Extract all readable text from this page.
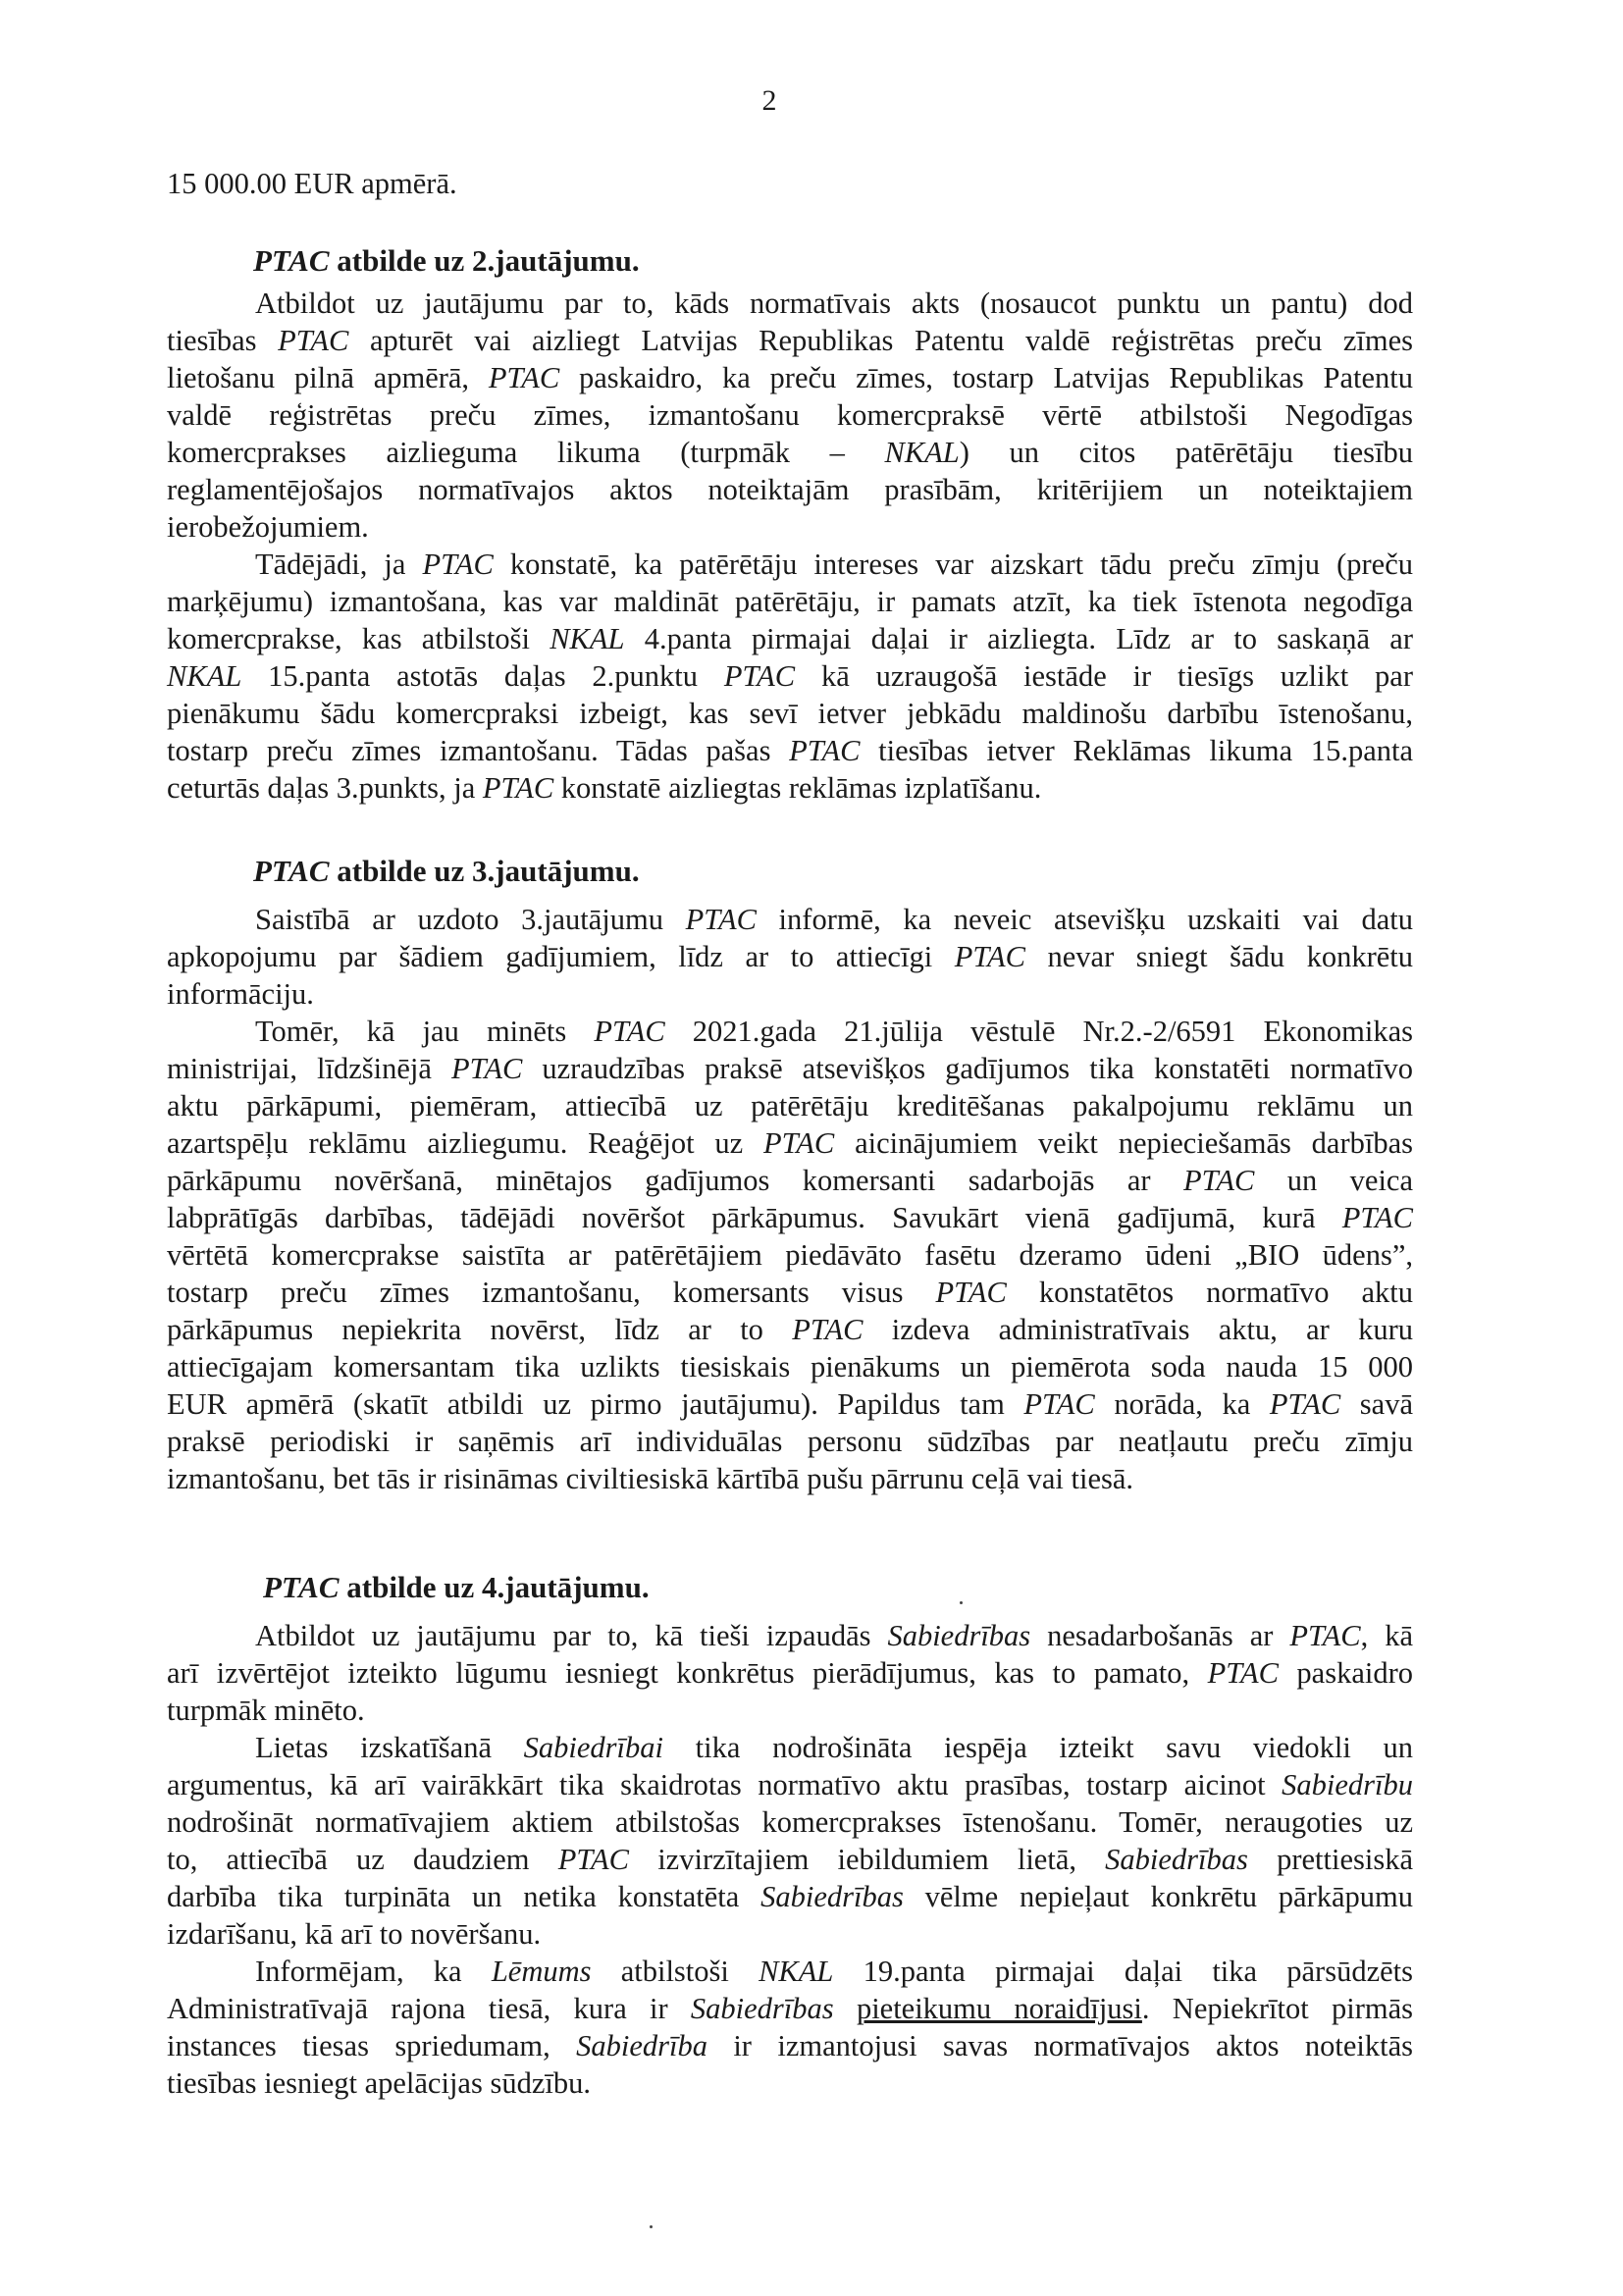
2
15 000.00 EUR apmērā.
PTAC atbilde uz 2.jautājumu.
Atbildot uz jautājumu par to, kāds normatīvais akts (nosaucot punktu un pantu) dod
tiesības PTAC apturēt vai aizliegt Latvijas Republikas Patentu valdē reģistrētas preču zīmes
lietošanu pilnā apmērā, PTAC paskaidro, ka preču zīmes, tostarp Latvijas Republikas Patentu
valdē reģistrētas preču zīmes, izmantošanu komercpraksē vērtē atbilstoši Negodīgas
komercprakses aizlieguma likuma (turpmāk – NKAL) un citos patērētāju tiesību
reglamentējošajos normatīvajos aktos noteiktajām prasībām, kritērijiem un noteiktajiem
ierobežojumiem.
Tādējādi, ja PTAC konstatē, ka patērētāju intereses var aizskart tādu preču zīmju (preču
marķējumu) izmantošana, kas var maldināt patērētāju, ir pamats atzīt, ka tiek īstenota negodīga
komercprakse, kas atbilstoši NKAL 4.panta pirmajai daļai ir aizliegta. Līdz ar to saskaņā ar
NKAL 15.panta astotās daļas 2.punktu PTAC kā uzraugošā iestāde ir tiesīgs uzlikt par
pienākumu šādu komercpraksi izbeigt, kas sevī ietver jebkādu maldinošu darbību īstenošanu,
tostarp preču zīmes izmantošanu. Tādas pašas PTAC tiesības ietver Reklāmas likuma 15.panta
ceturtās daļas 3.punkts, ja PTAC konstatē aizliegtas reklāmas izplatīšanu.
PTAC atbilde uz 3.jautājumu.
Saistībā ar uzdoto 3.jautājumu PTAC informē, ka neveic atsevišķu uzskaiti vai datu
apkopojumu par šādiem gadījumiem, līdz ar to attiecīgi PTAC nevar sniegt šādu konkrētu
informāciju.
Tomēr, kā jau minēts PTAC 2021.gada 21.jūlija vēstulē Nr.2.-2/6591 Ekonomikas
ministrijai, līdzšinējā PTAC uzraudzības praksē atsevišķos gadījumos tika konstatēti normatīvo
aktu pārkāpumi, piemēram, attiecībā uz patērētāju kreditēšanas pakalpojumu reklāmu un
azartspēļu reklāmu aizliegumu. Reaģējot uz PTAC aicinājumiem veikt nepieciešamās darbības
pārkāpumu novēršanā, minētajos gadījumos komersanti sadarbojās ar PTAC un veica
labprātīgās darbības, tādējādi novēršot pārkāpumus. Savukārt vienā gadījumā, kurā PTAC
vērtētā komercprakse saistīta ar patērētājiem piedāvāto fasētu dzeramo ūdeni „BIO ūdens”,
tostarp preču zīmes izmantošanu, komersants visus PTAC konstatētos normatīvo aktu
pārkāpumus nepiekrita novērst, līdz ar to PTAC izdeva administratīvais aktu, ar kuru
attiecīgajam komersantam tika uzlikts tiesiskais pienākums un piemērota soda nauda 15 000
EUR apmērā (skatīt atbildi uz pirmo jautājumu). Papildus tam PTAC norāda, ka PTAC savā
praksē periodiski ir saņēmis arī individuālas personu sūdzības par neatļautu preču zīmju
izmantošanu, bet tās ir risināmas civiltiesiskā kārtībā pušu pārrunu ceļā vai tiesā.
PTAC atbilde uz 4.jautājumu.
Atbildot uz jautājumu par to, kā tieši izpaudās Sabiedrības nesadarbošanās ar PTAC, kā
arī izvērtējot izteikto lūgumu iesniegt konkrētus pierādījumus, kas to pamato, PTAC paskaidro
turpmāk minēto.
Lietas izskatīšanā Sabiedrībai tika nodrošināta iespēja izteikt savu viedokli un
argumentus, kā arī vairākkārt tika skaidrotas normatīvo aktu prasības, tostarp aicinot Sabiedrību
nodrošināt normatīvajiem aktiem atbilstošas komercprakses īstenošanu. Tomēr, neraugoties uz
to, attiecībā uz daudziem PTAC izvirzītajiem iebildumiem lietā, Sabiedrības prettiesiskā
darbība tika turpināta un netika konstatēta Sabiedrības vēlme nepieļaut konkrētu pārkāpumu
izdarīšanu, kā arī to novēršanu.
Informējam, ka Lēmums atbilstoši NKAL 19.panta pirmajai daļai tika pārsūdzēts
Administratīvajā rajona tiesā, kura ir Sabiedrības pieteikumu noraidījusi. Nepiekrītot pirmās
instances tiesas spriedumam, Sabiedrība ir izmantojusi savas normatīvajos aktos noteiktās
tiesības iesniegt apelācijas sūdzību.
